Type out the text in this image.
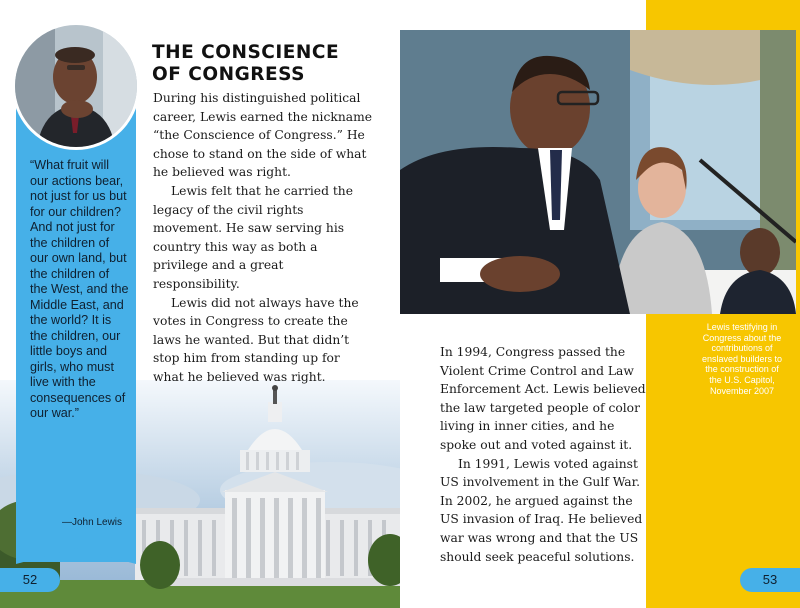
“What fruit will our actions bear, not just for us but for our children? And not just for the children of our own land, but the children of the West, and the Middle East, and the world? It is the children, our little boys and girls, who must live with the consequences of our war.”
—John Lewis
THE CONSCIENCE
OF CONGRESS

During his distinguished political career, Lewis earned the nickname “the Conscience of Congress.” He chose to stand on the side of what he believed was right.

Lewis felt that he carried the legacy of the civil rights movement. He saw serving his country this way as both a privilege and a great responsibility.

Lewis did not always have the votes in Congress to create the laws he wanted. But that didn’t stop him from standing up for what he believed was right.

52
Lewis testifying in Congress about the contributions of enslaved builders to the construction of the U.S. Capitol, November 2007

In 1994, Congress passed the Violent Crime Control and Law Enforcement Act. Lewis believed the law targeted people of color living in inner cities, and he spoke out and voted against it.

In 1991, Lewis voted against US involvement in the Gulf War. In 2002, he argued against the US invasion of Iraq. He believed war was wrong and that the US should seek peaceful solutions.

53
